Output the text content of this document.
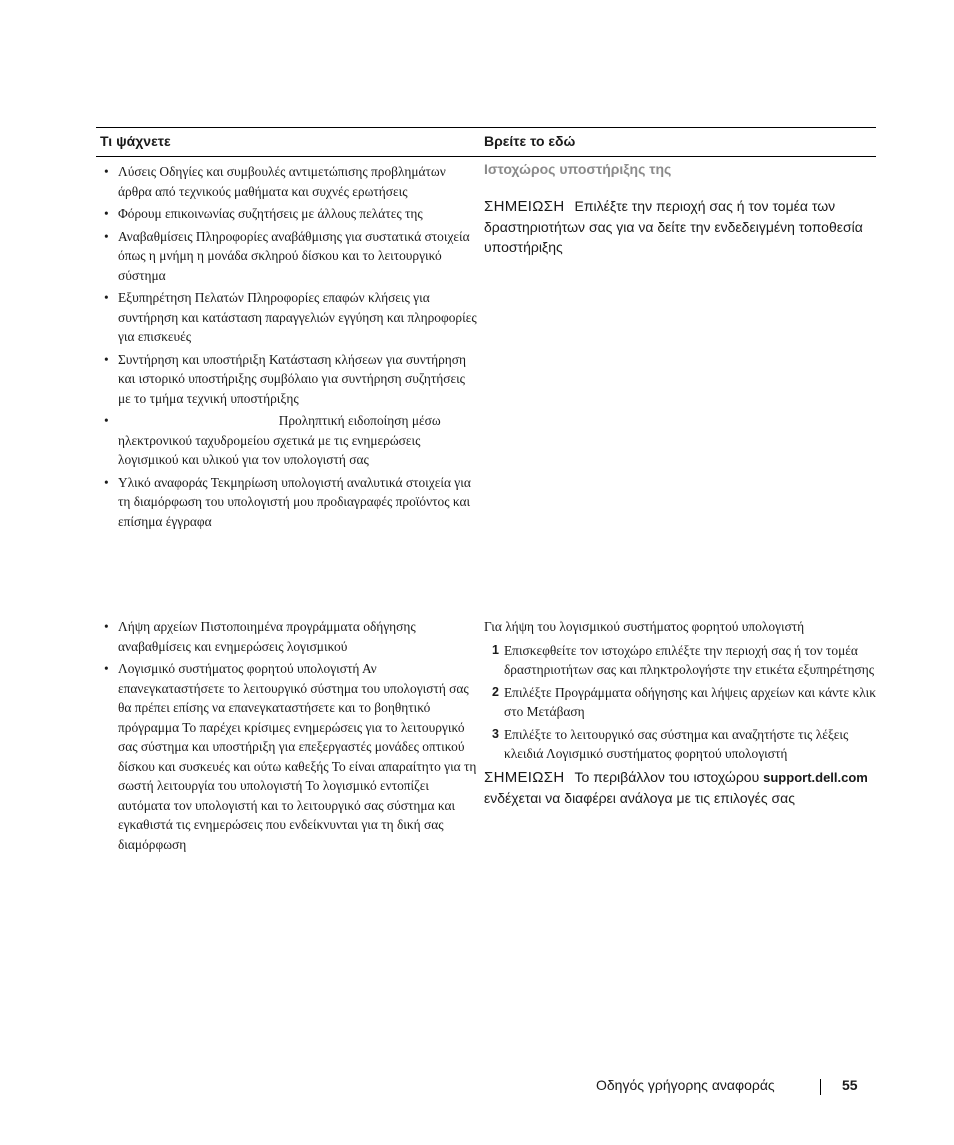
Τι ψάχνετε	Βρείτε το εδώ
• Λύσεις Οδηγίες και συμβουλές αντιμετώπισης προβλημάτων άρθρα από τεχνικούς μαθήματα και συχνές ερωτήσεις
• Φόρουμ επικοινωνίας συζητήσεις με άλλους πελάτες της
• Αναβαθμίσεις Πληροφορίες αναβάθμισης για συστατικά στοιχεία όπως η μνήμη η μονάδα σκληρού δίσκου και το λειτουργικό σύστημα
• Εξυπηρέτηση Πελατών Πληροφορίες επαφών κλήσεις για συντήρηση και κατάσταση παραγγελιών εγγύηση και πληροφορίες για επισκευές
• Συντήρηση και υποστήριξη Κατάσταση κλήσεων για συντήρηση και ιστορικό υποστήριξης συμβόλαιο για συντήρηση συζητήσεις με το τμήμα τεχνική υποστήριξης
• Προληπτική ειδοποίηση μέσω ηλεκτρονικού ταχυδρομείου σχετικά με τις ενημερώσεις λογισμικού και υλικού για τον υπολογιστή σας
• Υλικό αναφοράς Τεκμηρίωση υπολογιστή αναλυτικά στοιχεία για τη διαμόρφωση του υπολογιστή μου προδιαγραφές προϊόντος και επίσημα έγγραφα
Ιστοχώρος υποστήριξης της
ΣΗΜΕΙΩΣΗ Επιλέξτε την περιοχή σας ή τον τομέα των δραστηριοτήτων σας για να δείτε την ενδεδειγμένη τοποθεσία υποστήριξης
• Λήψη αρχείων Πιστοποιημένα προγράμματα οδήγησης αναβαθμίσεις και ενημερώσεις λογισμικού
• Λογισμικό συστήματος φορητού υπολογιστή Αν επανεγκαταστήσετε το λειτουργικό σύστημα του υπολογιστή σας θα πρέπει επίσης να επανεγκαταστήσετε και το βοηθητικό πρόγραμμα Το παρέχει κρίσιμες ενημερώσεις για το λειτουργικό σας σύστημα και υποστήριξη για επεξεργαστές μονάδες οπτικού δίσκου και συσκευές και ούτω καθεξής Το είναι απαραίτητο για τη σωστή λειτουργία του υπολογιστή Το λογισμικό εντοπίζει αυτόματα τον υπολογιστή και το λειτουργικό σας σύστημα και εγκαθιστά τις ενημερώσεις που ενδείκνυνται για τη δική σας διαμόρφωση
Για λήψη του λογισμικού συστήματος φορητού υπολογιστή
1 Επισκεφθείτε τον ιστοχώρο επιλέξτε την περιοχή σας ή τον τομέα δραστηριοτήτων σας και πληκτρολογήστε την ετικέτα εξυπηρέτησης
2 Επιλέξτε Προγράμματα οδήγησης και λήψεις αρχείων και κάντε κλικ στο Μετάβαση
3 Επιλέξτε το λειτουργικό σας σύστημα και αναζητήστε τις λέξεις κλειδιά Λογισμικό συστήματος φορητού υπολογιστή
ΣΗΜΕΙΩΣΗ Το περιβάλλον του ιστοχώρου support.dell.com ενδέχεται να διαφέρει ανάλογα με τις επιλογές σας
Οδηγός γρήγορης αναφοράς	55
